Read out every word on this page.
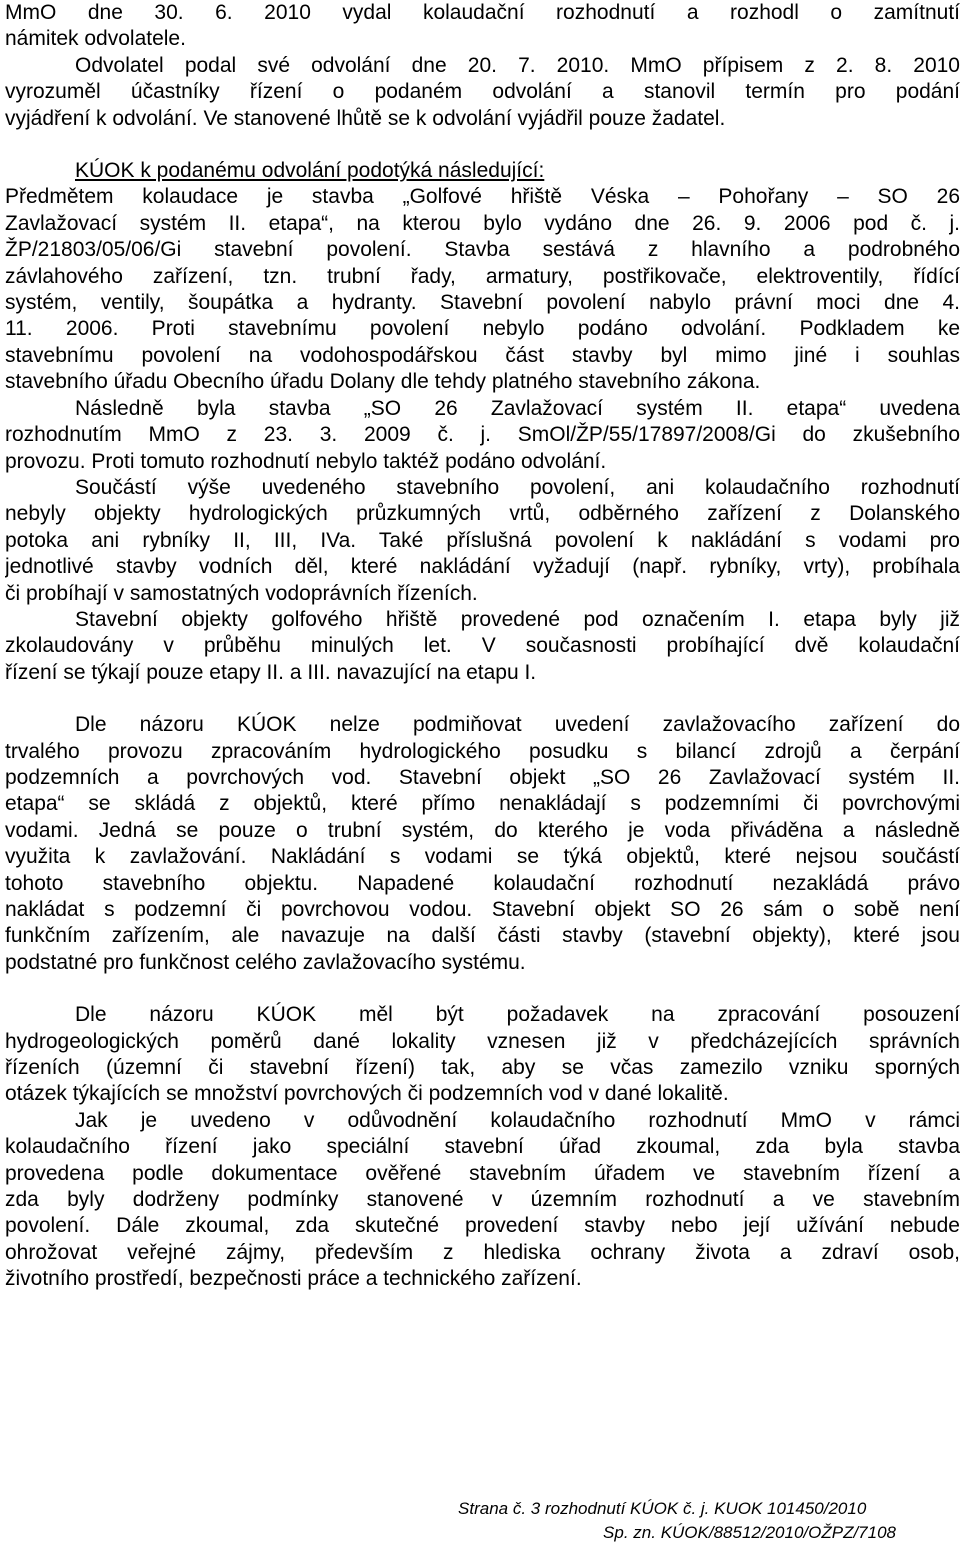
MmO dne 30. 6. 2010 vydal kolaudační rozhodnutí a rozhodl o zamítnutí
námitek odvolatele.
Odvolatel podal své odvolání dne 20. 7. 2010. MmO přípisem z 2. 8. 2010
vyrozuměl účastníky řízení o podaném odvolání a stanovil termín pro podání
vyjádření k odvolání. Ve stanovené lhůtě se k odvolání vyjádřil pouze žadatel.
KÚOK k podanému odvolání podotýká následující:
Předmětem kolaudace je stavba „Golfové hřiště Véska – Pohořany – SO 26
Zavlažovací systém II. etapa“, na kterou bylo vydáno dne 26. 9. 2006 pod č. j.
ŽP/21803/05/06/Gi stavební povolení. Stavba sestává z hlavního a podrobného
závlahového zařízení, tzn. trubní řady, armatury, postřikovače, elektroventily, řídící
systém, ventily, šoupátka a hydranty. Stavební povolení nabylo právní moci dne 4.
11. 2006. Proti stavebnímu povolení nebylo podáno odvolání. Podkladem ke
stavebnímu povolení na vodohospodářskou část stavby byl mimo jiné i souhlas
stavebního úřadu Obecního úřadu Dolany dle tehdy platného stavebního zákona.
Následně byla stavba „SO 26 Zavlažovací systém II. etapa“ uvedena
rozhodnutím MmO z 23. 3. 2009 č. j. SmOl/ŽP/55/17897/2008/Gi do zkušebního
provozu. Proti tomuto rozhodnutí nebylo taktéž podáno odvolání.
Součástí výše uvedeného stavebního povolení, ani kolaudačního rozhodnutí
nebyly objekty hydrologických průzkumných vrtů, odběrného zařízení z Dolanského
potoka ani rybníky II, III, IVa. Také příslušná povolení k nakládání s vodami pro
jednotlivé stavby vodních děl, které nakládání vyžadují (např. rybníky, vrty), probíhala
či probíhají v samostatných vodoprávních řízeních.
Stavební objekty golfového hřiště provedené pod označením I. etapa byly již
zkolaudovány v průběhu minulých let. V současnosti probíhající dvě kolaudační
řízení se týkají pouze etapy II. a III. navazující na etapu I.
Dle názoru KÚOK nelze podmiňovat uvedení zavlažovacího zařízení do
trvalého provozu zpracováním hydrologického posudku s bilancí zdrojů a čerpání
podzemních a povrchových vod. Stavební objekt „SO 26 Zavlažovací systém II.
etapa“ se skládá z objektů, které přímo nenakládají s podzemními či povrchovými
vodami. Jedná se pouze o trubní systém, do kterého je voda přiváděna a následně
využita k zavlažování. Nakládání s vodami se týká objektů, které nejsou součástí
tohoto stavebního objektu. Napadené kolaudační rozhodnutí nezakládá právo
nakládat s podzemní či povrchovou vodou. Stavební objekt SO 26 sám o sobě není
funkčním zařízením, ale navazuje na další části stavby (stavební objekty), které jsou
podstatné pro funkčnost celého zavlažovacího systému.
Dle názoru KÚOK měl být požadavek na zpracování posouzení
hydrogeologických poměrů dané lokality vznesen již v předcházejících správních
řízeních (územní či stavební řízení) tak, aby se včas zamezilo vzniku sporných
otázek týkajících se množství povrchových či podzemních vod v dané lokalitě.
Jak je uvedeno v odůvodnění kolaudačního rozhodnutí MmO v rámci
kolaudačního řízení jako speciální stavební úřad zkoumal, zda byla stavba
provedena podle dokumentace ověřené stavebním úřadem ve stavebním řízení a
zda byly dodrženy podmínky stanovené v územním rozhodnutí a ve stavebním
povolení. Dále zkoumal, zda skutečné provedení stavby nebo její užívání nebude
ohrožovat veřejné zájmy, především z hlediska ochrany života a zdraví osob,
životního prostředí, bezpečnosti práce a technického zařízení.
Strana č. 3 rozhodnutí KÚOK č. j. KUOK 101450/2010
Sp. zn. KÚOK/88512/2010/OŽPZ/7108
